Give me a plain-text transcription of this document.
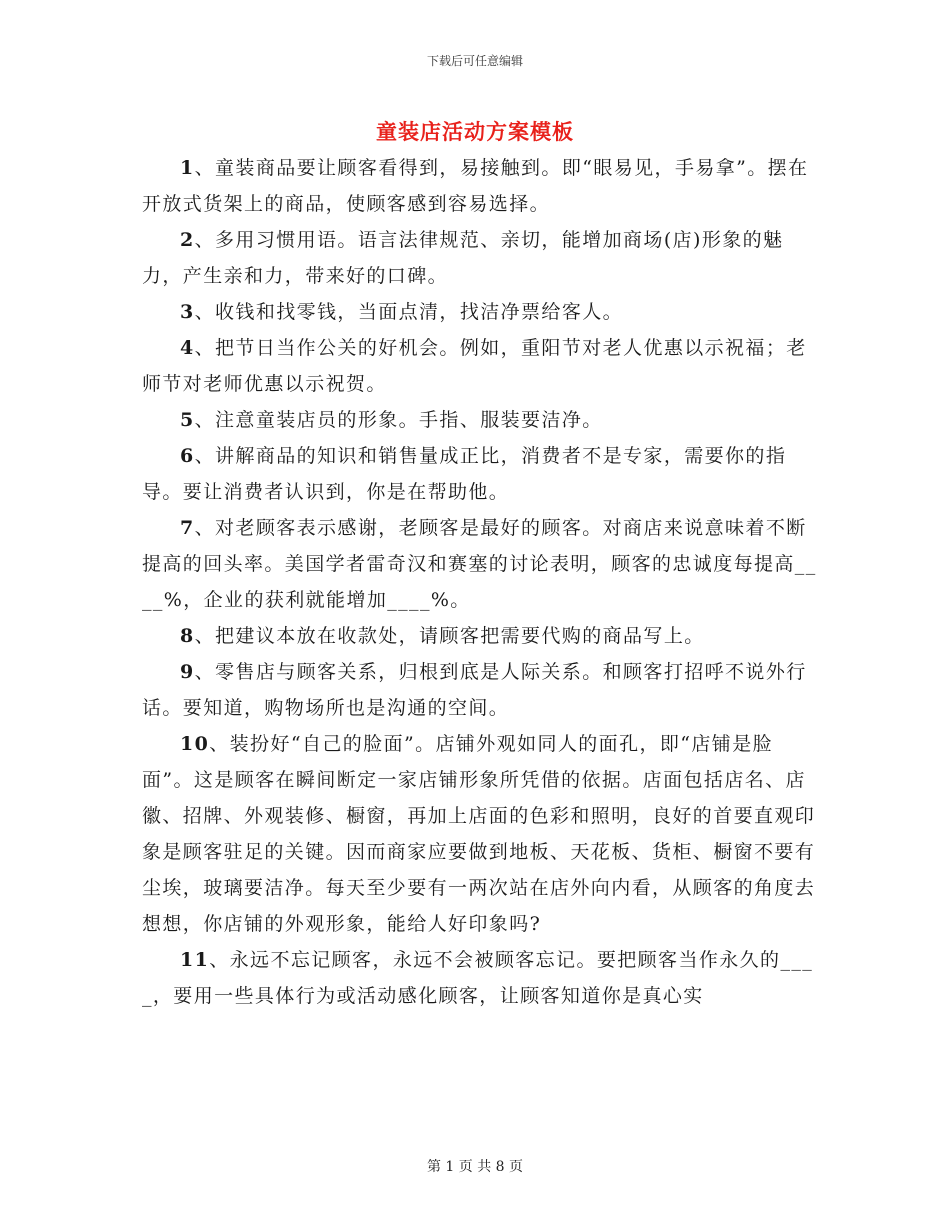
下载后可任意编辑
童装店活动方案模板

1、童装商品要让顾客看得到，易接触到。即“眼易见，手易拿”。摆在开放式货架上的商品，使顾客感到容易选择。

2、多用习惯用语。语言法律规范、亲切，能增加商场(店)形象的魅力，产生亲和力，带来好的口碑。

3、收钱和找零钱，当面点清，找洁净票给客人。

4、把节日当作公关的好机会。例如，重阳节对老人优惠以示祝福；老师节对老师优惠以示祝贺。

5、注意童装店员的形象。手指、服装要洁净。

6、讲解商品的知识和销售量成正比，消费者不是专家，需要你的指导。要让消费者认识到，你是在帮助他。

7、对老顾客表示感谢，老顾客是最好的顾客。对商店来说意味着不断提高的回头率。美国学者雷奇汉和赛塞的讨论表明，顾客的忠诚度每提高____%，企业的获利就能增加____%。

8、把建议本放在收款处，请顾客把需要代购的商品写上。

9、零售店与顾客关系，归根到底是人际关系。和顾客打招呼不说外行话。要知道，购物场所也是沟通的空间。

10、装扮好“自己的脸面”。店铺外观如同人的面孔，即“店铺是脸面”。这是顾客在瞬间断定一家店铺形象所凭借的依据。店面包括店名、店徽、招牌、外观装修、橱窗，再加上店面的色彩和照明，良好的首要直观印象是顾客驻足的关键。因而商家应要做到地板、天花板、货柜、橱窗不要有尘埃，玻璃要洁净。每天至少要有一两次站在店外向内看，从顾客的角度去想想，你店铺的外观形象，能给人好印象吗?

11、永远不忘记顾客，永远不会被顾客忘记。要把顾客当作永久的____，要用一些具体行为或活动感化顾客，让顾客知道你是真心实

第 1 页 共 8 页
